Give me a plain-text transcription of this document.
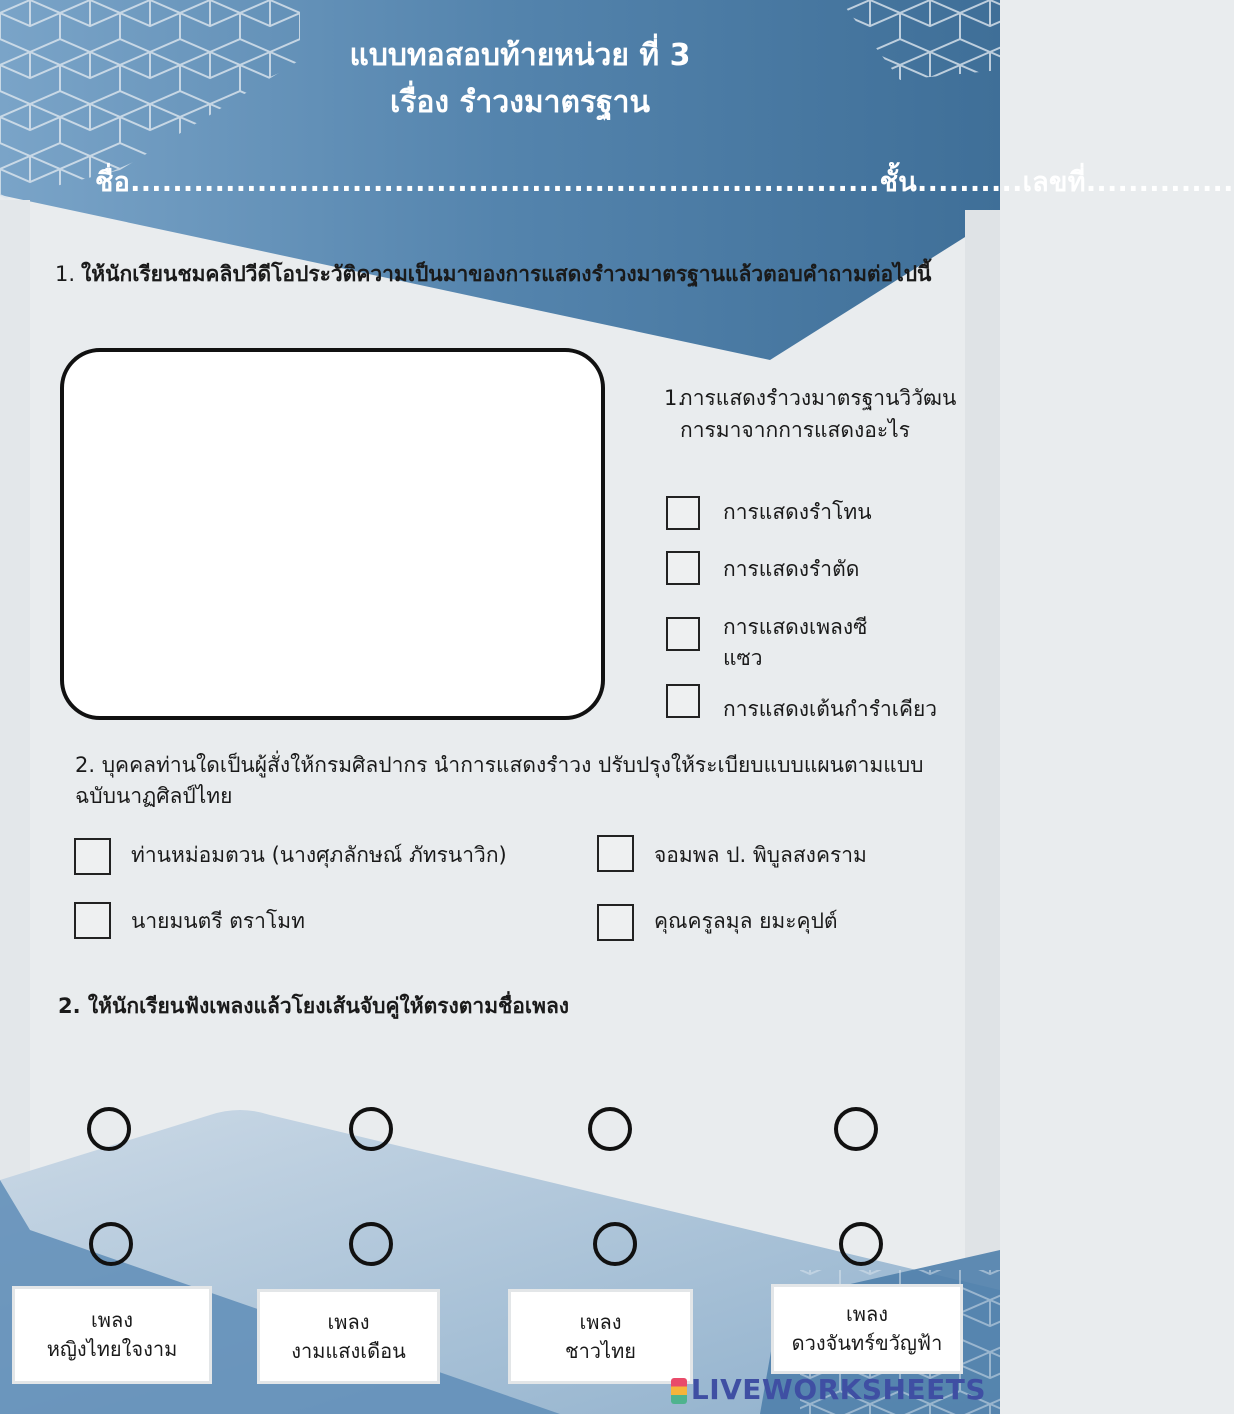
แบบทอสอบท้ายหน่วย ที่ 3
เรื่อง รำวงมาตรฐาน
ชื่อ.......................................................................ชั้น..........เลขที่..............
1. ให้นักเรียนชมคลิปวีดีโอประวัติความเป็นมาของการแสดงรำวงมาตรฐานแล้วตอบคำถามต่อไปนี้
1.
การแสดงรำวงมาตรฐานวิวัฒนการมาจากการแสดงอะไร
การแสดงรำโทน
การแสดงรำตัด
การแสดงเพลงซีแซว
การแสดงเต้นกำรำเคียว
2. บุคคลท่านใดเป็นผู้สั่งให้กรมศิลปากร นำการแสดงรำวง ปรับปรุงให้ระเบียบแบบแผนตามแบบฉบับนาฏศิลป์ไทย
ท่านหม่อมตวน (นางศุภลักษณ์ ภัทรนาวิก)	จอมพล ป. พิบูลสงคราม
นายมนตรี ตราโมท	คุณครูลมุล ยมะคุปต์
2. ให้นักเรียนฟังเพลงแล้วโยงเส้นจับคู่ให้ตรงตามชื่อเพลง
เพลง
หญิงไทยใจงาม
เพลง
งามแสงเดือน
เพลง
ชาวไทย
เพลง
ดวงจันทร์ขวัญฟ้า
LIVEWORKSHEETS
